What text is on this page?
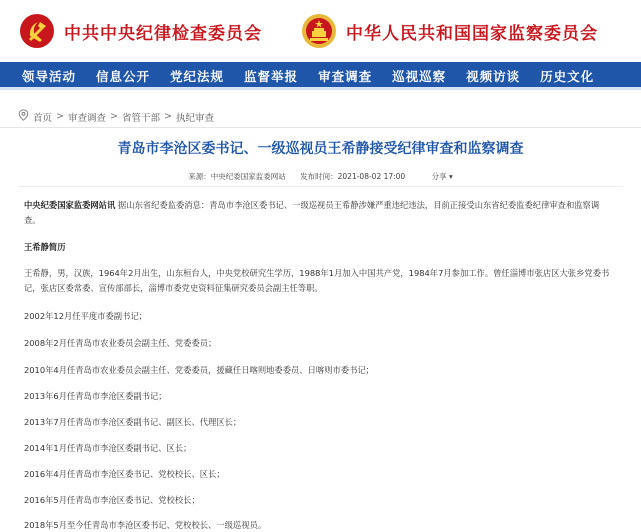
中共中央纪律检查委员会	中华人民共和国国家监察委员会
领导活动	信息公开	党纪法规	监督举报	审查调查	巡视巡察	视频访谈	历史文化
首页 > 审查调查 > 省管干部 > 执纪审查
青岛市李沧区委书记、一级巡视员王希静接受纪律审查和监察调查
来源：中央纪委国家监委网站 发布时间：2021-08-02 17:00	分享 ▾

中央纪委国家监委网站讯 据山东省纪委监委消息：青岛市李沧区委书记、一级巡视员王希静涉嫌严重违纪违法，目前正接受山东省纪委监委纪律审查和监察调查。

王希静简历

王希静，男，汉族，1964年2月出生，山东桓台人，中央党校研究生学历，1988年1月加入中国共产党，1984年7月参加工作。曾任淄博市张店区大张乡党委书记，张店区委常委、宣传部部长，淄博市委党史资料征集研究委员会副主任等职。

2002年12月任平度市委副书记；

2008年2月任青岛市农业委员会副主任、党委委员；

2010年4月任青岛市农业委员会副主任、党委委员，援藏任日喀则地委委员、日喀则市委书记；

2013年6月任青岛市李沧区委副书记；

2013年7月任青岛市李沧区委副书记、副区长、代理区长；

2014年1月任青岛市李沧区委副书记、区长；

2016年4月任青岛市李沧区委书记、党校校长、区长；

2016年5月任青岛市李沧区委书记、党校校长；

2018年5月至今任青岛市李沧区委书记、党校校长、一级巡视员。
